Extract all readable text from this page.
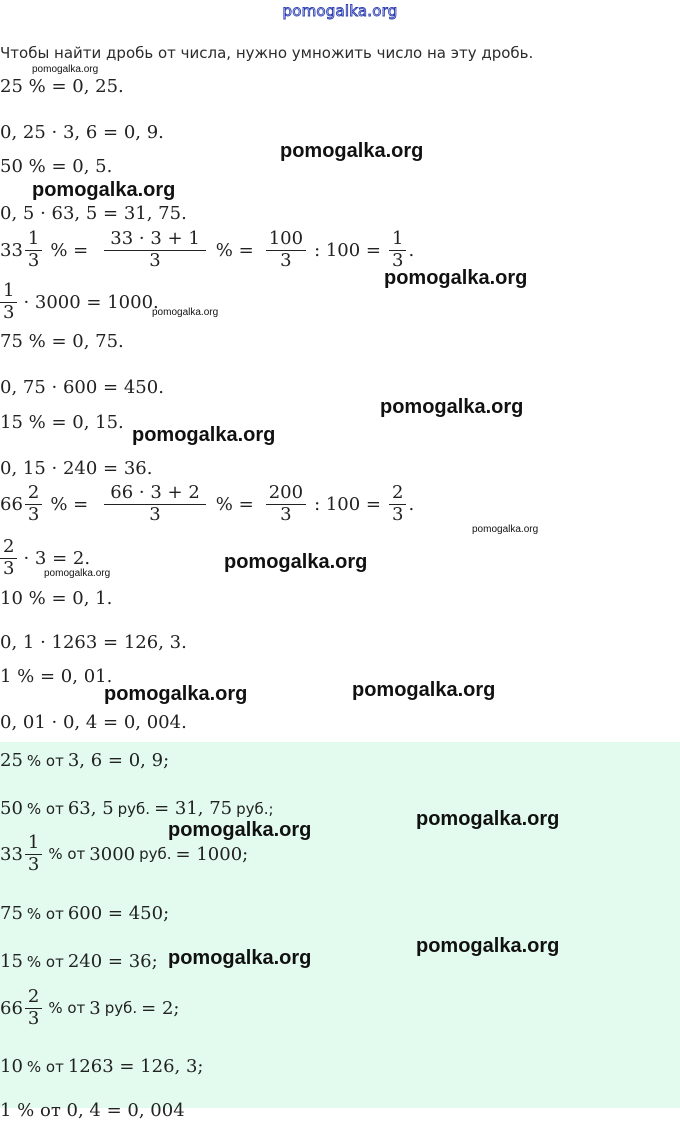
pomogalka.org
Чтобы найти дробь от числа, нужно умножить число на эту дробь.
25 % = 0, 25.
0, 25 · 3, 6 = 0, 9.
50 % = 0, 5.
0, 5 · 63, 5 = 31, 75.
$33 \frac{1}{3}$ % = $\frac{33 \cdot 3 + 1}{3}$ % = $\frac{100}{3}$ : $100 = \frac{1}{3}$ .
$\frac{1}{3} \cdot 3000 = 1000$.
75 % = 0, 75.
0, 75 · 600 = 450.
15 % = 0, 15.
0, 15 · 240 = 36.
$66 \frac{2}{3}$ % = $\frac{66 \cdot 3 + 2}{3}$ % = $\frac{200}{3}$ : $100 = \frac{2}{3}$ .
$\frac{2}{3} \cdot 3 = 2$.
10 % = 0, 1.
0, 1 · 1263 = 126, 3.
1 % = 0, 01.
0, 01 · 0, 4 = 0, 004.
25 % от 3, 6 = 0, 9;
50 % от 63, 5 руб. = 31, 75 руб.;
$33 \frac{1}{3}$ % от 3000 руб. = 1000;
75 % от 600 = 450;
15 % от 240 = 36;
$66 \frac{2}{3}$ % от 3 руб. = 2;
10 % от 1263 = 126, 3;
1 % от 0, 4 = 0, 004
pomogalka.org
pomogalka.org
pomogalka.org
pomogalka.org
pomogalka.org
pomogalka.org
pomogalka.org
pomogalka.org
pomogalka.org
pomogalka.org
pomogalka.org
pomogalka.org
pomogalka.org
pomogalka.org
pomogalka.org
pomogalka.org
